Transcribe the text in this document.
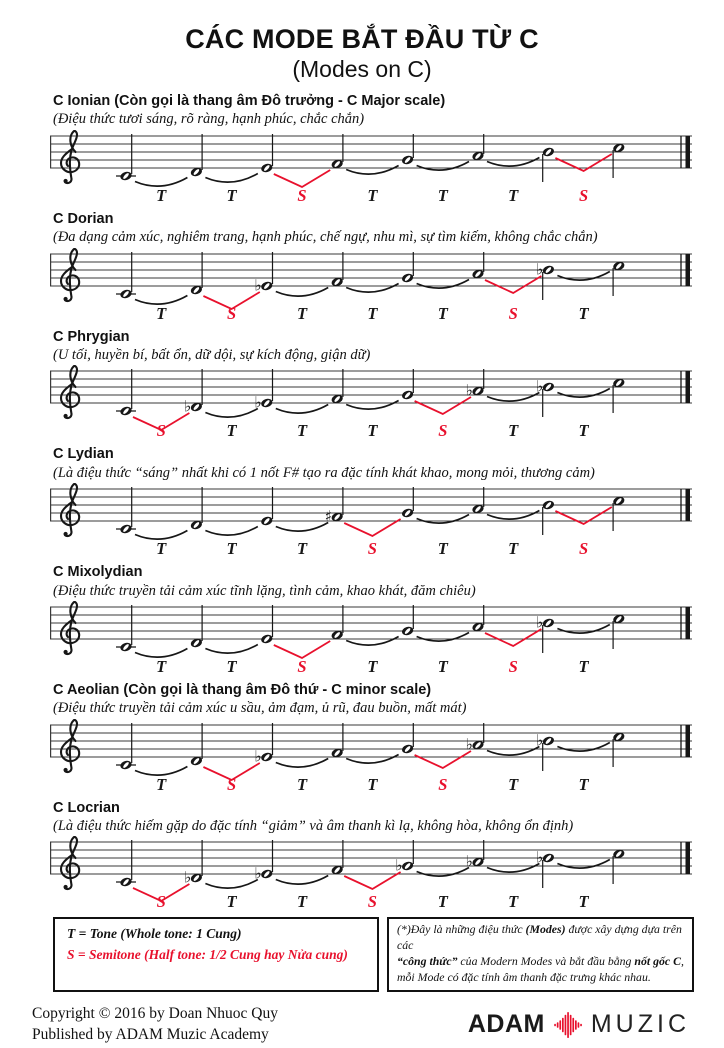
CÁC MODE BẮT ĐẦU TỪ C
(Modes on C)
C Ionian (Còn gọi là thang âm Đô trưởng - C Major scale)

(Điệu thức tươi sáng, rõ ràng, hạnh phúc, chắc chắn)

T	T	S	T	T	T	S
C Dorian

(Đa dạng cảm xúc, nghiêm trang, hạnh phúc, chế ngự, nhu mì, sự tìm kiếm, không chắc chắn)

♭
♭
T	S	T	T	T	S	T
C Phrygian

(U tối, huyền bí, bất ổn, dữ dội, sự kích động, giận dữ)

♭	♭
♭	♭
S	T	T	T	S	T	T
C Lydian

(Là điệu thức “sáng” nhất khi có 1 nốt F# tạo ra đặc tính khát khao, mong mỏi, thương cảm)

♯
T	T	T	S	T	T	S
C Mixolydian

(Điệu thức truyền tải cảm xúc tĩnh lặng, tình cảm, khao khát, đăm chiêu)

♭
T	T	S	T	T	S	T
C Aeolian (Còn gọi là thang âm Đô thứ - C minor scale)

(Điệu thức truyền tải cảm xúc u sầu, ảm đạm, ủ rũ, đau buồn, mất mát)

♭
♭	♭
T	S	T	T	S	T	T
C Locrian

(Là điệu thức hiếm gặp do đặc tính “giảm” và âm thanh kì lạ, không hòa, không ổn định)

♭	♭	♭	♭	♭
S	T	T	S	T	T	T
T = Tone (Whole tone: 1 Cung)
S = Semitone (Half tone: 1/2 Cung hay Nửa cung)
(*)Đây là những điệu thức (Modes) được xây dựng dựa trên các
“công thức” của Modern Modes và bắt đầu bằng nốt gốc C,
mỗi Mode có đặc tính âm thanh đặc trưng khác nhau.
Copyright © 2016 by Doan Nhuoc Quy
Published by ADAM Muzic Academy	ADAM MUZIC
